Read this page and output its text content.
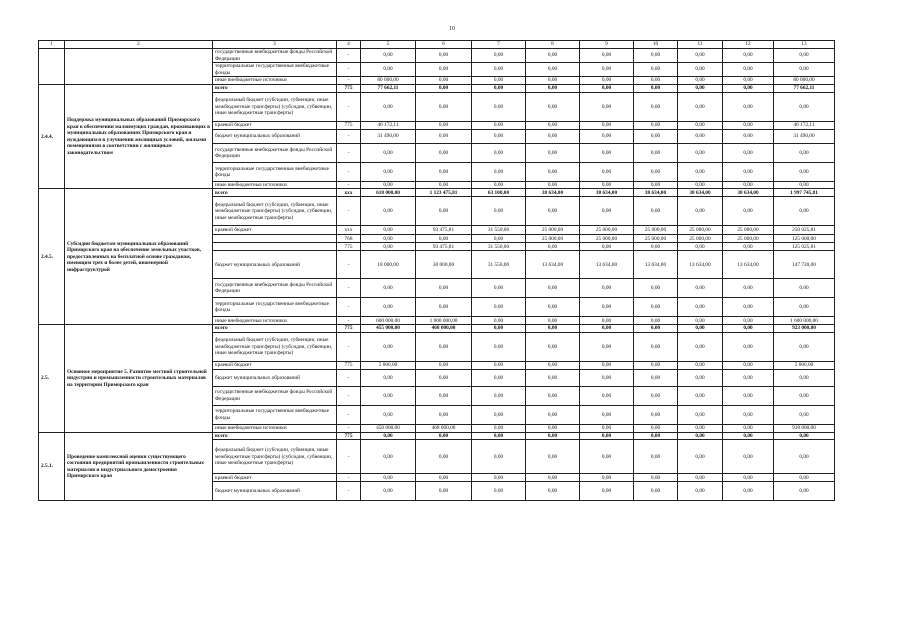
10
1	2	3	4	5	6	7	8	9	10	11	12	13
		государственные внебюджетные фонды Российской Федерации	-	0,00	0,00	0,00	0,00	0,00	0,00	0,00	0,00	0,00
		территориальные государственные внебюджетные фонды	-	0,00	0,00	0,00	0,00	0,00	0,00	0,00	0,00	0,00
		иные внебюджетные источники	-	80 000,00	0,00	0,00	0,00	0,00	0,00	0,00	0,00	80 000,00
2.4.4.	Поддержка муниципальных образований Приморского края в обеспечении малоимущих граждан, проживающих в муниципальных образованиях Приморского края и нуждающихся в улучшении жилищных условий, жилыми помещениями в соответствии с жилищным законодательством	всего	775	77 662,11	0,00	0,00	0,00	0,00	0,00	0,00	0,00	77 662,11
		федеральный бюджет (субсидии, субвенции, иные межбюджетные трансферты) (субсидии, субвенции, иные межбюджетные трансферты)	-	0,00	0,00	0,00	0,00	0,00	0,00	0,00	0,00	0,00
		краевой бюджет	775	46 172,11	0,00	0,00	0,00	0,00	0,00	0,00	0,00	46 172,11
		бюджет муниципальных образований	-	31 490,00	0,00	0,00	0,00	0,00	0,00	0,00	0,00	31 490,00
		государственные внебюджетные фонды Российской Федерации	-	0,00	0,00	0,00	0,00	0,00	0,00	0,00	0,00	0,00
		территориальные государственные внебюджетные фонды	-	0,00	0,00	0,00	0,00	0,00	0,00	0,00	0,00	0,00
		иные внебюджетные источники	-	0,00	0,00	0,00	0,00	0,00	0,00	0,00	0,00	0,00
2.4.5.	Субсидии бюджетам муниципальных образований Приморского края на обеспечение земельных участков, предоставленных на бесплатной основе гражданам, имеющим трех и более детей, инженерной инфраструктурой	всего	ххх	618 000,00	1 123 475,81	63 100,00	38 634,00	38 634,00	38 634,00	38 634,00	38 634,00	1 997 745,81
		федеральный бюджет (субсидии, субвенции, иные межбюджетные трансферты) (субсидии, субвенции, иные межбюджетные трансферты)	-	0,00	0,00	0,00	0,00	0,00	0,00	0,00	0,00	0,00
		краевой бюджет	ххх	0,00	93 475,81	31 550,00	25 000,00	25 000,00	25 000,00	25 000,00	25 000,00	250 025,81
			768	0,00	0,00	0,00	25 000,00	25 000,00	25 000,00	25 000,00	25 000,00	125 000,00
			775	0,00	93 475,81	31 550,00	0,00	0,00	0,00	0,00	0,00	125 025,81
		бюджет муниципальных образований	-	18 000,00	30 000,00	31 550,00	13 634,00	13 634,00	13 634,00	13 634,00	13 634,00	147 720,00
		государственные внебюджетные фонды Российской Федерации	-	0,00	0,00	0,00	0,00	0,00	0,00	0,00	0,00	0,00
		территориальные государственные внебюджетные фонды	-	0,00	0,00	0,00	0,00	0,00	0,00	0,00	0,00	0,00
		иные внебюджетные источники	-	600 000,00	1 000 000,00	0,00	0,00	0,00	0,00	0,00	0,00	1 600 000,00
2.5.	Основное мероприятие 5. Развитие местной строительной индустрии и промышленности строительных материалов на территории Приморского края	всего	775	455 000,00	468 000,00	0,00	0,00	0,00	0,00	0,00	0,00	923 000,00
		федеральный бюджет (субсидии, субвенции, иные межбюджетные трансферты) (субсидии, субвенции, иные межбюджетные трансферты)	-	0,00	0,00	0,00	0,00	0,00	0,00	0,00	0,00	0,00
		краевой бюджет	775	5 000,00	0,00	0,00	0,00	0,00	0,00	0,00	0,00	5 000,00
		бюджет муниципальных образований	-	0,00	0,00	0,00	0,00	0,00	0,00	0,00	0,00	0,00
		государственные внебюджетные фонды Российской Федерации	-	0,00	0,00	0,00	0,00	0,00	0,00	0,00	0,00	0,00
		территориальные государственные внебюджетные фонды	-	0,00	0,00	0,00	0,00	0,00	0,00	0,00	0,00	0,00
		иные внебюджетные источники	-	450 000,00	468 000,00	0,00	0,00	0,00	0,00	0,00	0,00	918 000,00
2.5.1.	Проведение комплексной оценки существующего состояния предприятий промышленности строительных материалов и индустриального домостроения Приморского края	всего	775	0,00	0,00	0,00	0,00	0,00	0,00	0,00	0,00	0,00
		федеральный бюджет (субсидии, субвенции, иные межбюджетные трансферты) (субсидии, субвенции, иные межбюджетные трансферты)	-	0,00	0,00	0,00	0,00	0,00	0,00	0,00	0,00	0,00
		краевой бюджет	-	0,00	0,00	0,00	0,00	0,00	0,00	0,00	0,00	0,00
		бюджет муниципальных образований	-	0,00	0,00	0,00	0,00	0,00	0,00	0,00	0,00	0,00
